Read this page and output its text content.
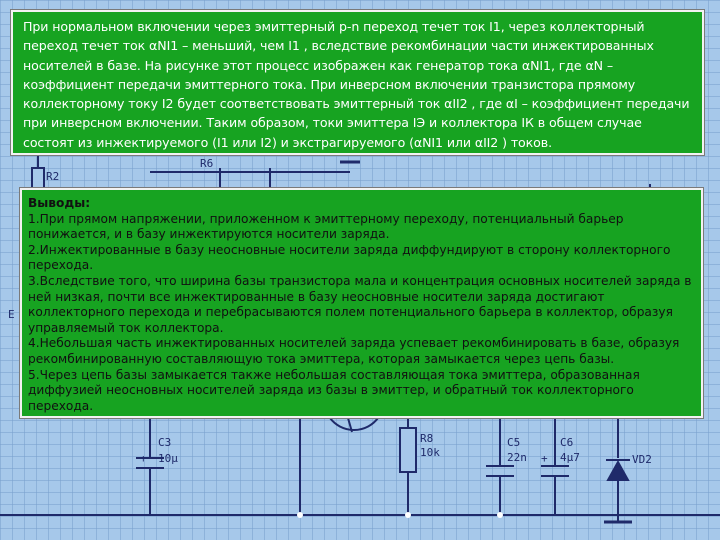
R2
R6
E
C3
+ 10μ
R8
10k
C5
22n
C6
+ 4μ7	VD2
При нормальном включении через эмиттерный p-n переход течет ток I1, через коллекторный переход течет ток αNI1 – меньший, чем I1 , вследствие рекомбинации части инжектированных носителей в базе. На рисунке этот процесс изображен как генератор тока αNI1, где αN – коэффициент передачи эмиттерного тока. При инверсном включении транзистора прямому коллекторному току I2 будет соответствовать эмиттерный ток αII2 , где αI – коэффициент передачи при инверсном включении. Таким образом, токи эмиттера IЭ и коллектора IК в общем случае состоят из инжектируемого (I1 или I2) и экстрагируемого (αNI1 или αII2 ) токов.
Выводы:

1.При прямом напряжении, приложенном к эмиттерному переходу, потенциальный барьер понижается, и в базу инжектируются носители заряда.

2.Инжектированные в базу неосновные носители заряда диффундируют в сторону коллекторного перехода.

3.Вследствие того, что ширина базы транзистора мала и концентрация основных носителей заряда в ней низкая, почти все инжектированные в базу неосновные носители заряда достигают коллекторного перехода и перебрасываются полем потенциального барьера в коллектор, образуя управляемый ток коллектора.

4.Небольшая часть инжектированных носителей заряда успевает рекомбинировать в базе, образуя рекомбинированную составляющую тока эмиттера, которая замыкается через цепь базы.

5.Через цепь базы замыкается также небольшая составляющая тока эмиттера, образованная диффузией неосновных носителей заряда из базы в эмиттер, и обратный ток коллекторного перехода.
